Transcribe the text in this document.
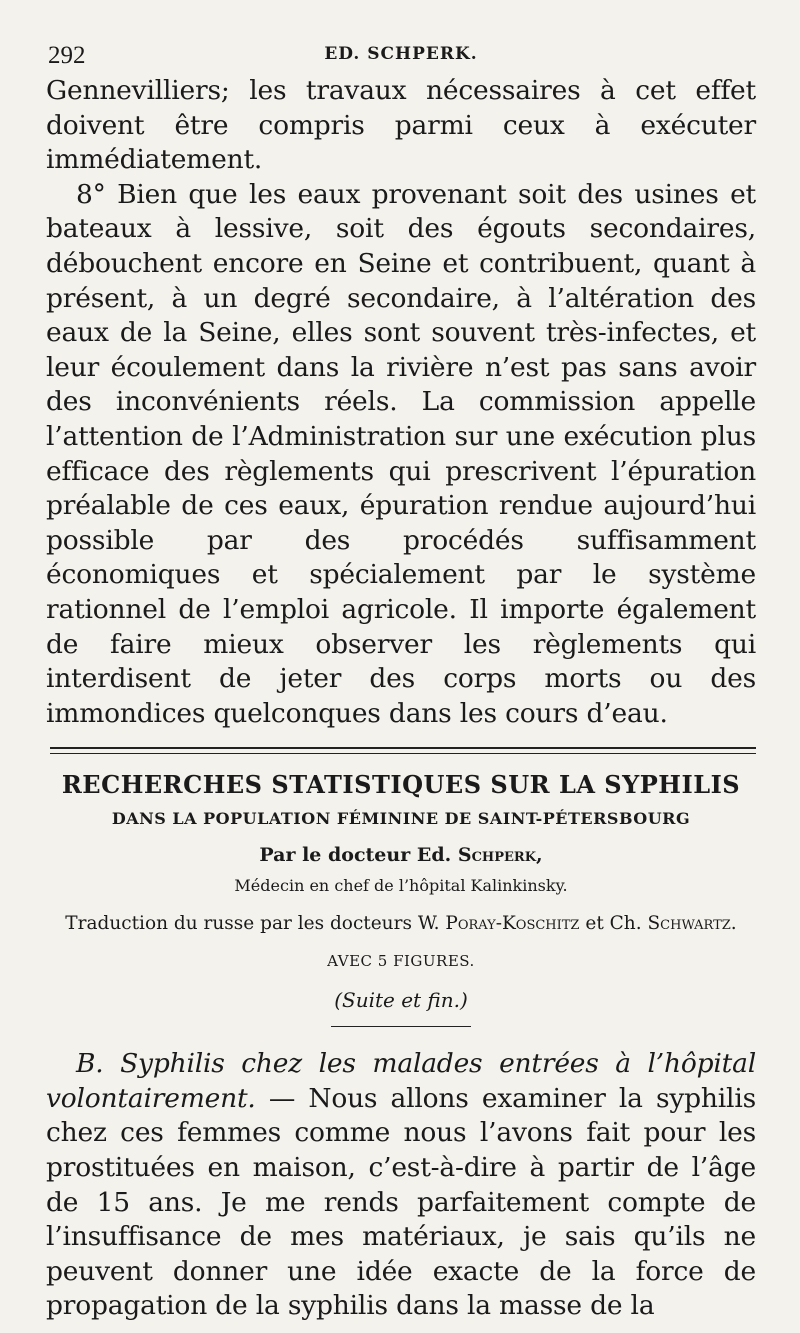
292	ED. SCHPERK.

Gennevilliers; les travaux nécessaires à cet effet doivent être compris parmi ceux à exécuter immédiatement.

8° Bien que les eaux provenant soit des usines et bateaux à lessive, soit des égouts secondaires, débouchent encore en Seine et contribuent, quant à présent, à un degré secondaire, à l’altération des eaux de la Seine, elles sont souvent très-infectes, et leur écoulement dans la rivière n’est pas sans avoir des inconvénients réels. La commission appelle l’attention de l’Administration sur une exécution plus efficace des règlements qui prescrivent l’épuration préalable de ces eaux, épuration rendue aujourd’hui possible par des procédés suffisamment économiques et spécialement par le système rationnel de l’emploi agricole. Il importe également de faire mieux observer les règlements qui interdisent de jeter des corps morts ou des immondices quelconques dans les cours d’eau.

RECHERCHES STATISTIQUES SUR LA SYPHILIS
DANS LA POPULATION FÉMININE DE SAINT-PÉTERSBOURG
Par le docteur Ed. Schperk,
Médecin en chef de l’hôpital Kalinkinsky.
Traduction du russe par les docteurs W. Poray-Koschitz et Ch. Schwartz.
AVEC 5 FIGURES.
(Suite et fin.)

B. Syphilis chez les malades entrées à l’hôpital volontairement. — Nous allons examiner la syphilis chez ces femmes comme nous l’avons fait pour les prostituées en maison, c’est-à-dire à partir de l’âge de 15 ans. Je me rends parfaitement compte de l’insuffisance de mes matériaux, je sais qu’ils ne peuvent donner une idée exacte de la force de propagation de la syphilis dans la masse de la
